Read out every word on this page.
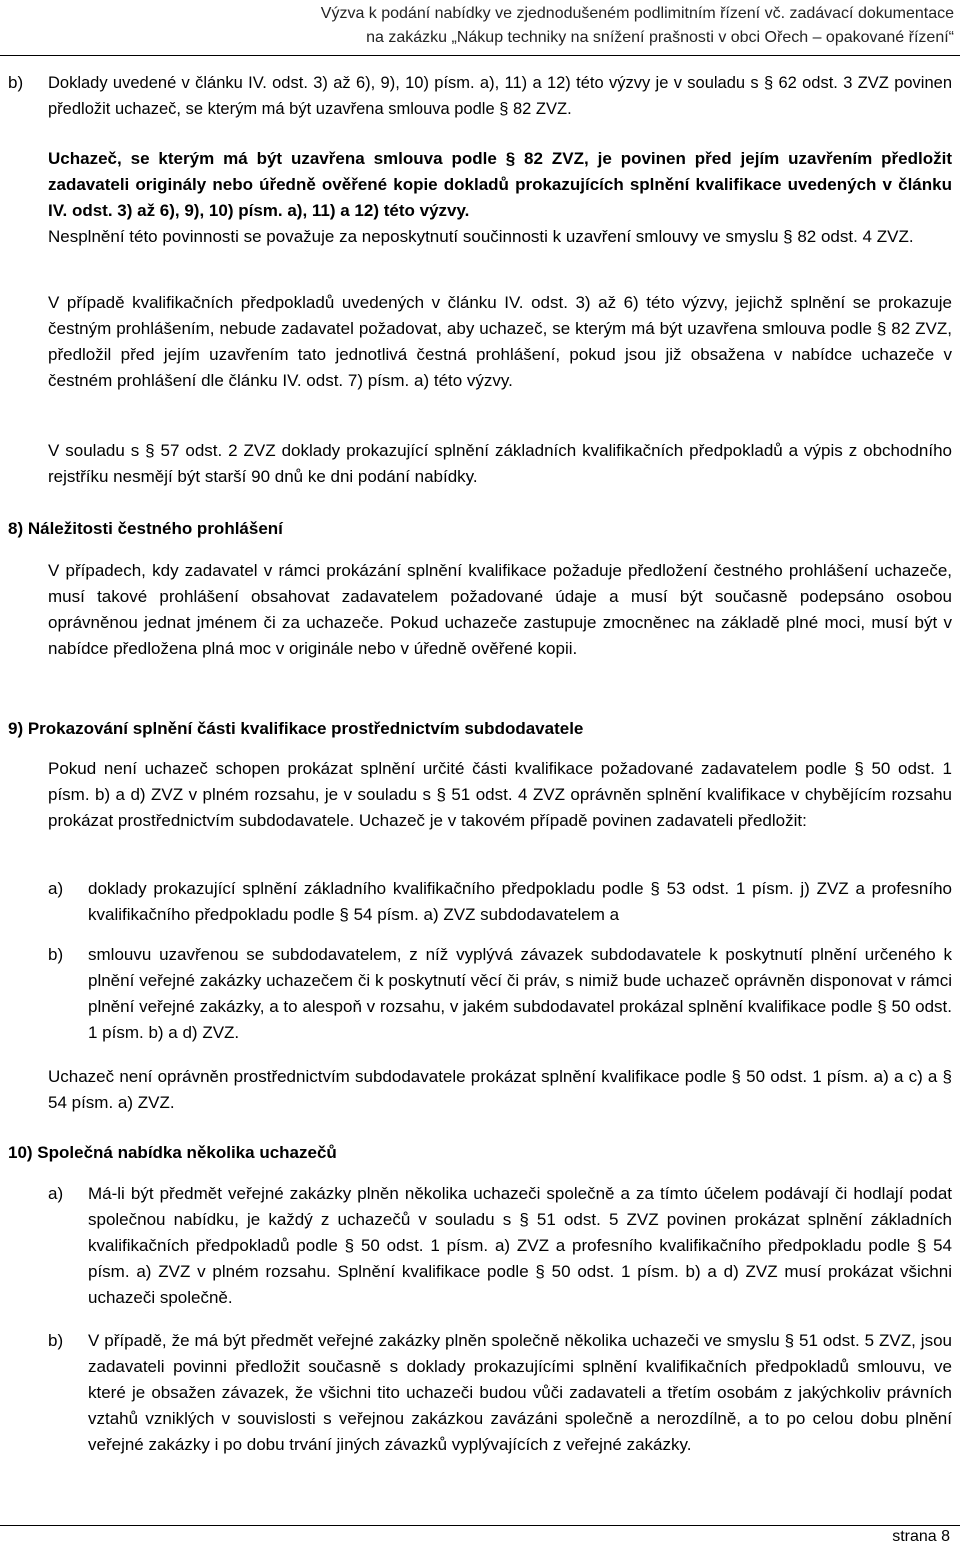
Výzva k podání nabídky ve zjednodušeném podlimitním řízení vč. zadávací dokumentace
na zakázku „Nákup techniky na snížení prašnosti v obci Ořech – opakované řízení“

b) Doklady uvedené v článku IV. odst. 3) až 6), 9), 10) písm. a), 11) a 12) této výzvy je v souladu s § 62 odst. 3 ZVZ povinen předložit uchazeč, se kterým má být uzavřena smlouva podle § 82 ZVZ.

Uchazeč, se kterým má být uzavřena smlouva podle § 82 ZVZ, je povinen před jejím uzavřením předložit zadavateli originály nebo úředně ověřené kopie dokladů prokazujících splnění kvalifikace uvedených v článku IV. odst. 3) až 6), 9), 10) písm. a), 11) a 12) této výzvy.

Nesplnění této povinnosti se považuje za neposkytnutí součinnosti k uzavření smlouvy ve smyslu § 82 odst. 4 ZVZ.

V případě kvalifikačních předpokladů uvedených v článku IV. odst. 3) až 6) této výzvy, jejichž splnění se prokazuje čestným prohlášením, nebude zadavatel požadovat, aby uchazeč, se kterým má být uzavřena smlouva podle § 82 ZVZ, předložil před jejím uzavřením tato jednotlivá čestná prohlášení, pokud jsou již obsažena v nabídce uchazeče v čestném prohlášení dle článku IV. odst. 7) písm. a) této výzvy.

V souladu s § 57 odst. 2 ZVZ doklady prokazující splnění základních kvalifikačních předpokladů a výpis z obchodního rejstříku nesmějí být starší 90 dnů ke dni podání nabídky.

8) Náležitosti čestného prohlášení

V případech, kdy zadavatel v rámci prokázání splnění kvalifikace požaduje předložení čestného prohlášení uchazeče, musí takové prohlášení obsahovat zadavatelem požadované údaje a musí být současně podepsáno osobou oprávněnou jednat jménem či za uchazeče. Pokud uchazeče zastupuje zmocněnec na základě plné moci, musí být v nabídce předložena plná moc v originále nebo v úředně ověřené kopii.

9) Prokazování splnění části kvalifikace prostřednictvím subdodavatele

Pokud není uchazeč schopen prokázat splnění určité části kvalifikace požadované zadavatelem podle § 50 odst. 1 písm. b) a d) ZVZ v plném rozsahu, je v souladu s § 51 odst. 4 ZVZ oprávněn splnění kvalifikace v chybějícím rozsahu prokázat prostřednictvím subdodavatele. Uchazeč je v takovém případě povinen zadavateli předložit:

a) doklady prokazující splnění základního kvalifikačního předpokladu podle § 53 odst. 1 písm. j) ZVZ a profesního kvalifikačního předpokladu podle § 54 písm. a) ZVZ subdodavatelem a

b) smlouvu uzavřenou se subdodavatelem, z níž vyplývá závazek subdodavatele k poskytnutí plnění určeného k plnění veřejné zakázky uchazečem či k poskytnutí věcí či práv, s nimiž bude uchazeč oprávněn disponovat v rámci plnění veřejné zakázky, a to alespoň v rozsahu, v jakém subdodavatel prokázal splnění kvalifikace podle § 50 odst. 1 písm. b) a d) ZVZ.

Uchazeč není oprávněn prostřednictvím subdodavatele prokázat splnění kvalifikace podle § 50 odst. 1 písm. a) a c) a § 54 písm. a) ZVZ.

10) Společná nabídka několika uchazečů

a) Má-li být předmět veřejné zakázky plněn několika uchazeči společně a za tímto účelem podávají či hodlají podat společnou nabídku, je každý z uchazečů v souladu s § 51 odst. 5 ZVZ povinen prokázat splnění základních kvalifikačních předpokladů podle § 50 odst. 1 písm. a) ZVZ a profesního kvalifikačního předpokladu podle § 54 písm. a) ZVZ v plném rozsahu. Splnění kvalifikace podle § 50 odst. 1 písm. b) a d) ZVZ musí prokázat všichni uchazeči společně.

b) V případě, že má být předmět veřejné zakázky plněn společně několika uchazeči ve smyslu § 51 odst. 5 ZVZ, jsou zadavateli povinni předložit současně s doklady prokazujícími splnění kvalifikačních předpokladů smlouvu, ve které je obsažen závazek, že všichni tito uchazeči budou vůči zadavateli a třetím osobám z jakýchkoliv právních vztahů vzniklých v souvislosti s veřejnou zakázkou zavázáni společně a nerozdílně, a to po celou dobu plnění veřejné zakázky i po dobu trvání jiných závazků vyplývajících z veřejné zakázky.

strana 8
